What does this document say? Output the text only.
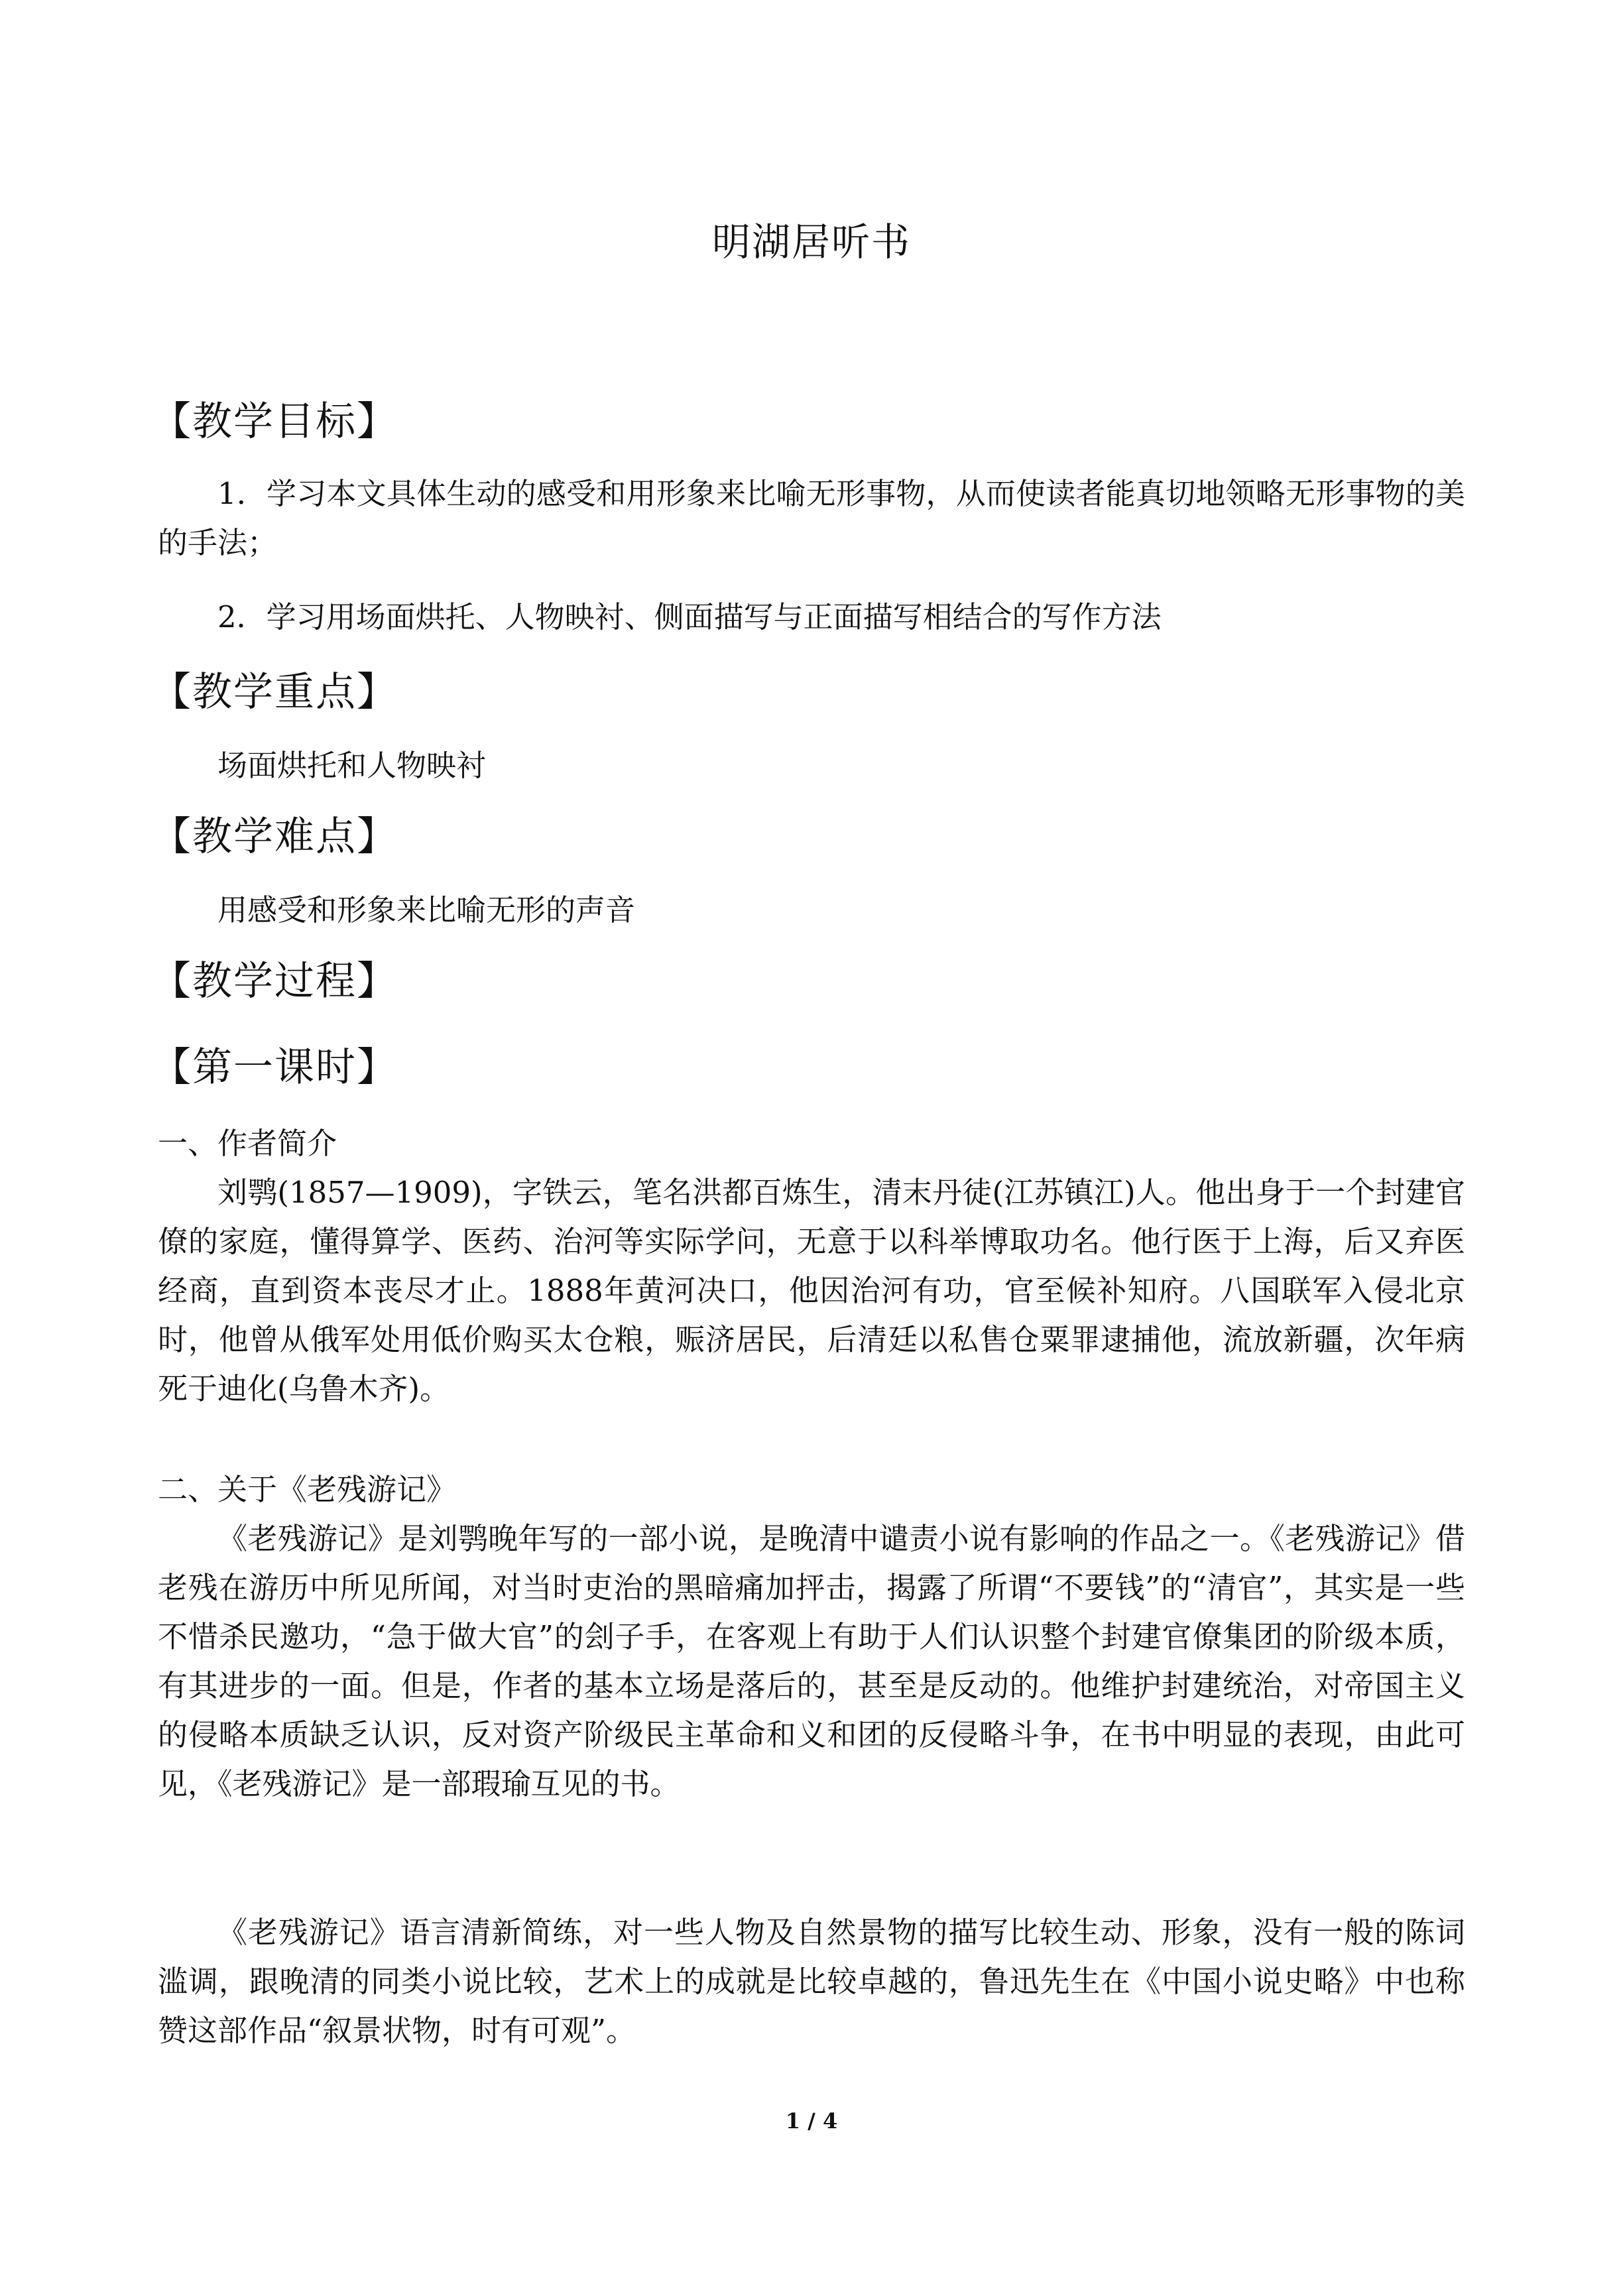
明湖居听书
【教学目标】
1．学习本文具体生动的感受和用形象来比喻无形事物，从而使读者能真切地领略无形事物的美的手法；
2．学习用场面烘托、人物映衬、侧面描写与正面描写相结合的写作方法
【教学重点】
场面烘托和人物映衬
【教学难点】
用感受和形象来比喻无形的声音
【教学过程】
【第一课时】
一、作者简介
刘鹗(1857—1909)，字铁云，笔名洪都百炼生，清末丹徒(江苏镇江)人。他出身于一个封建官僚的家庭，懂得算学、医药、治河等实际学问，无意于以科举博取功名。他行医于上海，后又弃医经商，直到资本丧尽才止。1888年黄河决口，他因治河有功，官至候补知府。八国联军入侵北京时，他曾从俄军处用低价购买太仓粮，赈济居民，后清廷以私售仓粟罪逮捕他，流放新疆，次年病死于迪化(乌鲁木齐)。
二、关于《老残游记》
《老残游记》是刘鹗晚年写的一部小说，是晚清中谴责小说有影响的作品之一。《老残游记》借老残在游历中所见所闻，对当时吏治的黑暗痛加抨击，揭露了所谓“不要钱”的“清官”，其实是一些不惜杀民邀功，“急于做大官”的刽子手，在客观上有助于人们认识整个封建官僚集团的阶级本质，有其进步的一面。但是，作者的基本立场是落后的，甚至是反动的。他维护封建统治，对帝国主义的侵略本质缺乏认识，反对资产阶级民主革命和义和团的反侵略斗争，在书中明显的表现，由此可见，《老残游记》是一部瑕瑜互见的书。
《老残游记》语言清新简练，对一些人物及自然景物的描写比较生动、形象，没有一般的陈词滥调，跟晚清的同类小说比较，艺术上的成就是比较卓越的，鲁迅先生在《中国小说史略》中也称赞这部作品“叙景状物，时有可观”。
1 / 4
